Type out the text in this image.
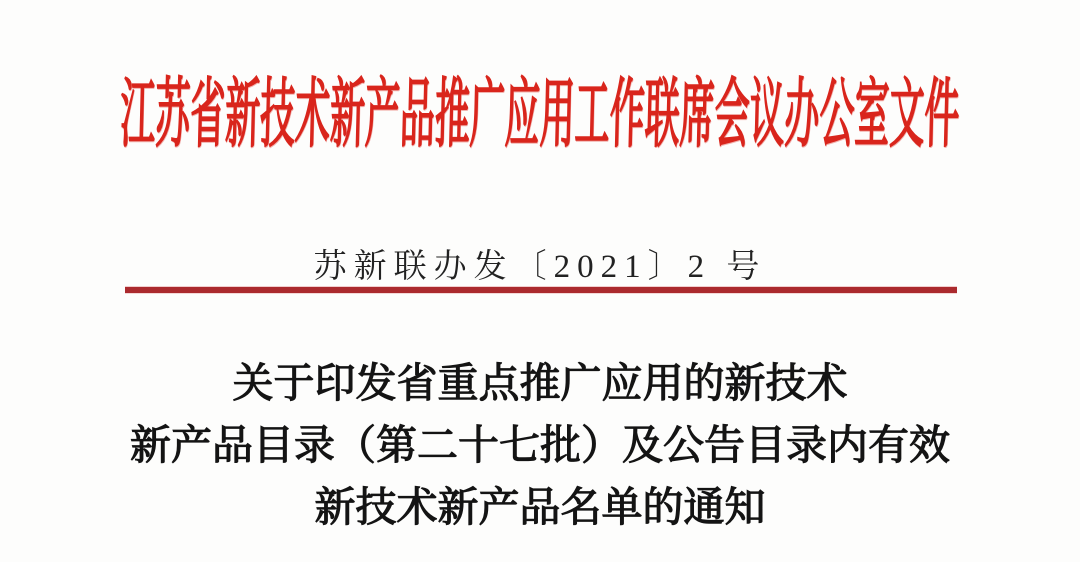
江苏省新技术新产品推广应用工作联席会议办公室文件
苏新联办发〔2021〕2 号
关于印发省重点推广应用的新技术
新产品目录（第二十七批）及公告目录内有效
新技术新产品名单的通知
